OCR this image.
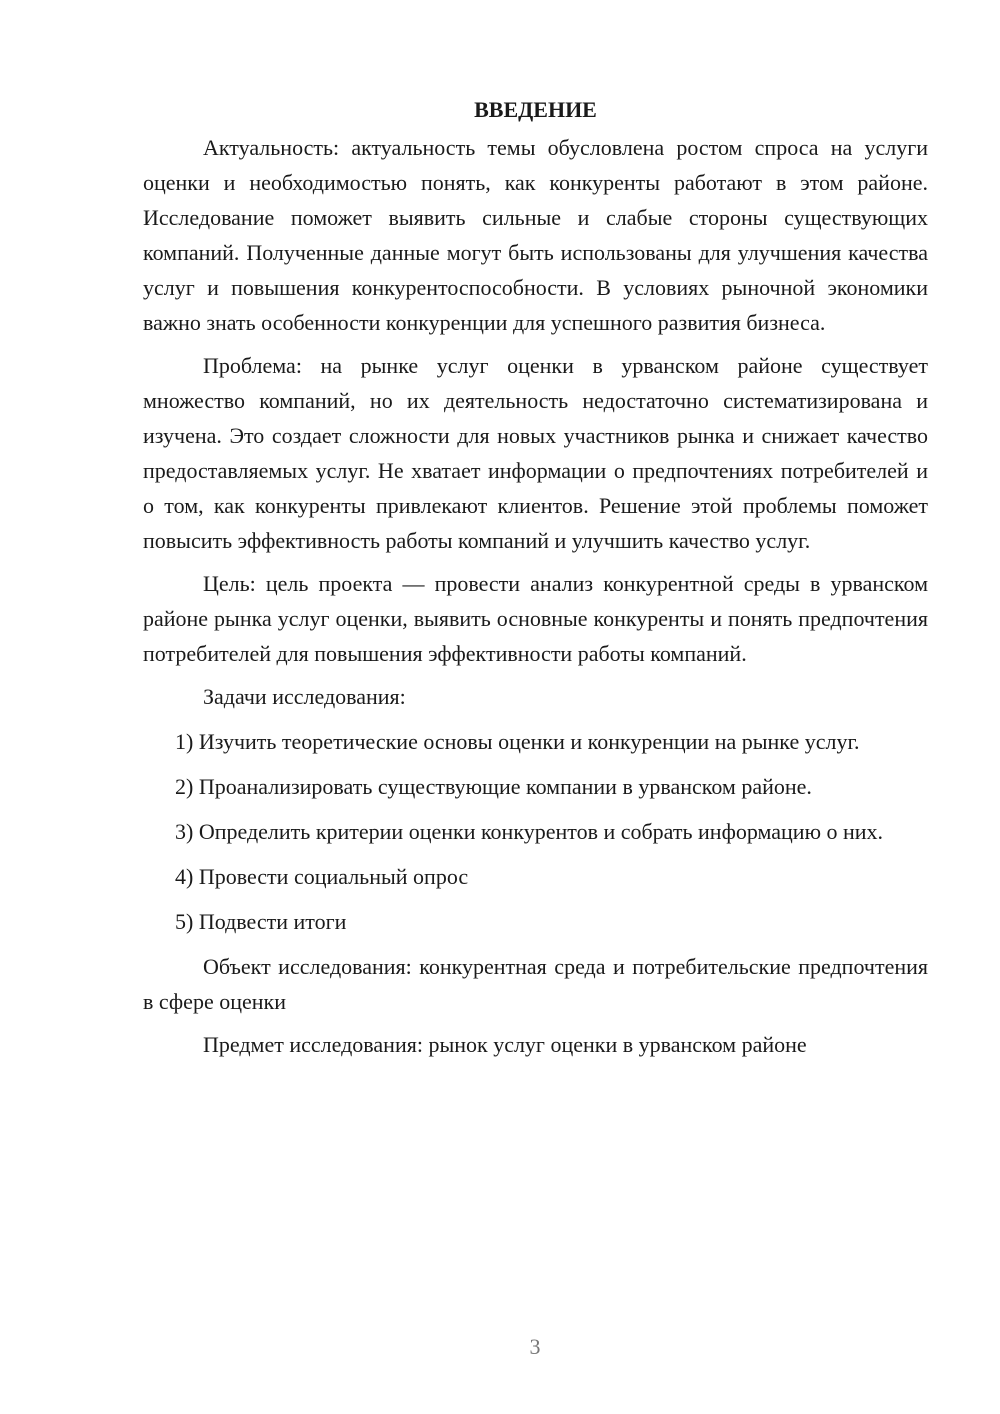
ВВЕДЕНИЕ

Актуальность: актуальность темы обусловлена ростом спроса на услуги оценки и необходимостью понять, как конкуренты работают в этом районе. Исследование поможет выявить сильные и слабые стороны существующих компаний. Полученные данные могут быть использованы для улучшения качества услуг и повышения конкурентоспособности. В условиях рыночной экономики важно знать особенности конкуренции для успешного развития бизнеса.

Проблема: на рынке услуг оценки в урванском районе существует множество компаний, но их деятельность недостаточно систематизирована и изучена. Это создает сложности для новых участников рынка и снижает качество предоставляемых услуг. Не хватает информации о предпочтениях потребителей и о том, как конкуренты привлекают клиентов. Решение этой проблемы поможет повысить эффективность работы компаний и улучшить качество услуг.

Цель: цель проекта — провести анализ конкурентной среды в урванском районе рынка услуг оценки, выявить основные конкуренты и понять предпочтения потребителей для повышения эффективности работы компаний.

Задачи исследования:

1) Изучить теоретические основы оценки и конкуренции на рынке услуг.

2) Проанализировать существующие компании в урванском районе.

3) Определить критерии оценки конкурентов и собрать информацию о них.

4) Провести социальный опрос

5) Подвести итоги

Объект исследования: конкурентная среда и потребительские предпочтения в сфере оценки

Предмет исследования: рынок услуг оценки в урванском районе

3
